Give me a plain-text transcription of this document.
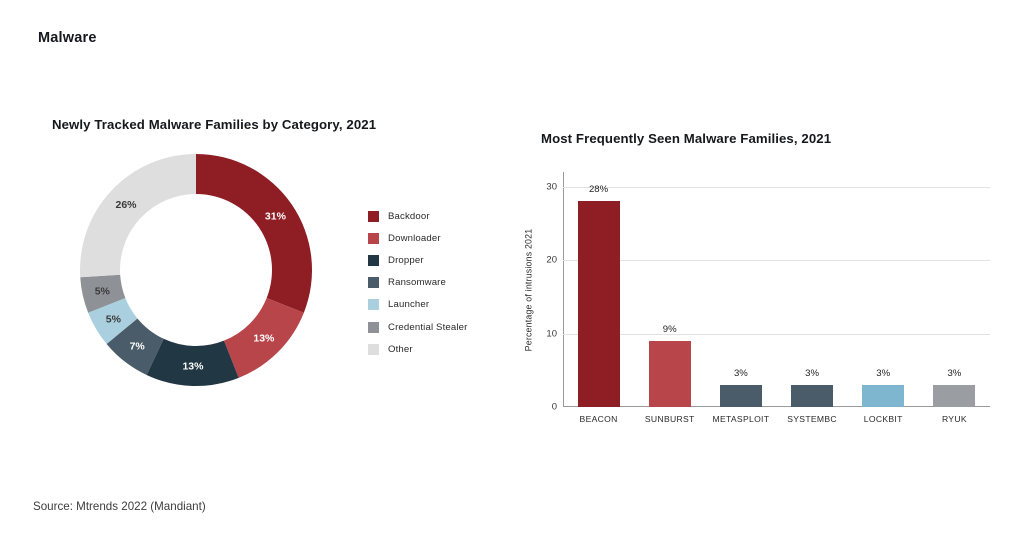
Malware
Newly Tracked Malware Families by Category, 2021
31%
13%
13%
7%
5%
5%
26%
Backdoor
Downloader
Dropper
Ransomware
Launcher
Credential Stealer
Other
Most Frequently Seen Malware Families, 2021
Percentage of intrusions 2021
0
10
20
30	28%
BEACON
9%
SUNBURST
3%
METASPLOIT
3%
SYSTEMBC
3%
LOCKBIT
3%
RYUK
Source: Mtrends 2022 (Mandiant)
